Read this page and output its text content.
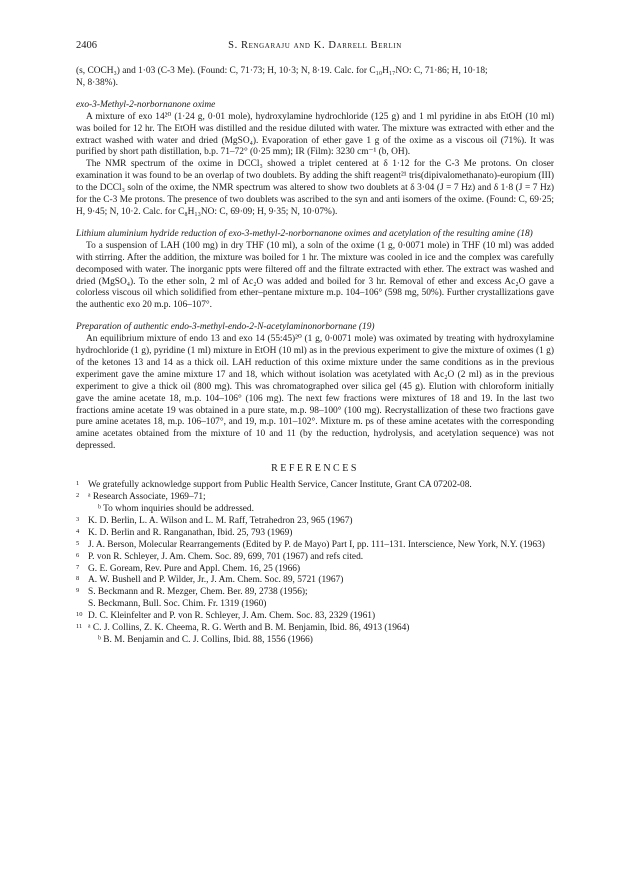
2406	S. Rengaraju and K. Darrell Berlin

(s, COCH₃) and 1·03 (C-3 Me). (Found: C, 71·73; H, 10·3; N, 8·19. Calc. for C₁₀H₁₇NO: C, 71·86; H, 10·18;

N, 8·38%).

exo-3-Methyl-2-norbornanone oxime

A mixture of exo 14²⁰ (1·24 g, 0·01 mole), hydroxylamine hydrochloride (125 g) and 1 ml pyridine in abs EtOH (10 ml) was boiled for 12 hr. The EtOH was distilled and the residue diluted with water. The mixture was extracted with ether and the extract washed with water and dried (MgSO₄). Evaporation of ether gave 1 g of the oxime as a viscous oil (71%). It was purified by short path distillation, b.p. 71–72° (0·25 mm); IR (Film): 3230 cm⁻¹ (b, OH).

The NMR spectrum of the oxime in DCCl₃ showed a triplet centered at δ 1·12 for the C-3 Me protons. On closer examination it was found to be an overlap of two doublets. By adding the shift reagent²¹ tris(dipivalomethanato)-europium (III) to the DCCl₃ soln of the oxime, the NMR spectrum was altered to show two doublets at δ 3·04 (J = 7 Hz) and δ 1·8 (J = 7 Hz) for the C-3 Me protons. The presence of two doublets was ascribed to the syn and anti isomers of the oxime. (Found: C, 69·25; H, 9·45; N, 10·2. Calc. for C₈H₁₃NO: C, 69·09; H, 9·35; N, 10·07%).

Lithium aluminium hydride reduction of exo-3-methyl-2-norbornanone oximes and acetylation of the resulting amine (18)

To a suspension of LAH (100 mg) in dry THF (10 ml), a soln of the oxime (1 g, 0·0071 mole) in THF (10 ml) was added with stirring. After the addition, the mixture was boiled for 1 hr. The mixture was cooled in ice and the complex was carefully decomposed with water. The inorganic ppts were filtered off and the filtrate extracted with ether. The extract was washed and dried (MgSO₄). To the ether soln, 2 ml of Ac₂O was added and boiled for 3 hr. Removal of ether and excess Ac₂O gave a colorless viscous oil which solidified from ether–pentane mixture m.p. 104–106° (598 mg, 50%). Further crystallizations gave the authentic exo 20 m.p. 106–107°.

Preparation of authentic endo-3-methyl-endo-2-N-acetylaminonorbornane (19)

An equilibrium mixture of endo 13 and exo 14 (55:45)²⁰ (1 g, 0·0071 mole) was oximated by treating with hydroxylamine hydrochloride (1 g), pyridine (1 ml) mixture in EtOH (10 ml) as in the previous experiment to give the mixture of oximes (1 g) of the ketones 13 and 14 as a thick oil. LAH reduction of this oxime mixture under the same conditions as in the previous experiment gave the amine mixture 17 and 18, which without isolation was acetylated with Ac₂O (2 ml) as in the previous experiment to give a thick oil (800 mg). This was chromatographed over silica gel (45 g). Elution with chloroform initially gave the amine acetate 18, m.p. 104–106° (106 mg). The next few fractions were mixtures of 18 and 19. In the last two fractions amine acetate 19 was obtained in a pure state, m.p. 98–100° (100 mg). Recrystallization of these two fractions gave pure amine acetates 18, m.p. 106–107°, and 19, m.p. 101–102°. Mixture m. ps of these amine acetates with the corresponding amine acetates obtained from the mixture of 10 and 11 (by the reduction, hydrolysis, and acetylation sequence) was not depressed.

REFERENCES
1 We gratefully acknowledge support from Public Health Service, Cancer Institute, Grant CA 07202-08.
2 ᵃ Research Associate, 1969–71;
ᵇ To whom inquiries should be addressed.
3 K. D. Berlin, L. A. Wilson and L. M. Raff, Tetrahedron 23, 965 (1967)
4 K. D. Berlin and R. Ranganathan, Ibid. 25, 793 (1969)
5 J. A. Berson, Molecular Rearrangements (Edited by P. de Mayo) Part I, pp. 111–131. Interscience, New York, N.Y. (1963)
6 P. von R. Schleyer, J. Am. Chem. Soc. 89, 699, 701 (1967) and refs cited.
7 G. E. Goream, Rev. Pure and Appl. Chem. 16, 25 (1966)
8 A. W. Bushell and P. Wilder, Jr., J. Am. Chem. Soc. 89, 5721 (1967)
9 S. Beckmann and R. Mezger, Chem. Ber. 89, 2738 (1956);
S. Beckmann, Bull. Soc. Chim. Fr. 1319 (1960)
10 D. C. Kleinfelter and P. von R. Schleyer, J. Am. Chem. Soc. 83, 2329 (1961)
11 ᵃ C. J. Collins, Z. K. Cheema, R. G. Werth and B. M. Benjamin, Ibid. 86, 4913 (1964)
ᵇ B. M. Benjamin and C. J. Collins, Ibid. 88, 1556 (1966)
